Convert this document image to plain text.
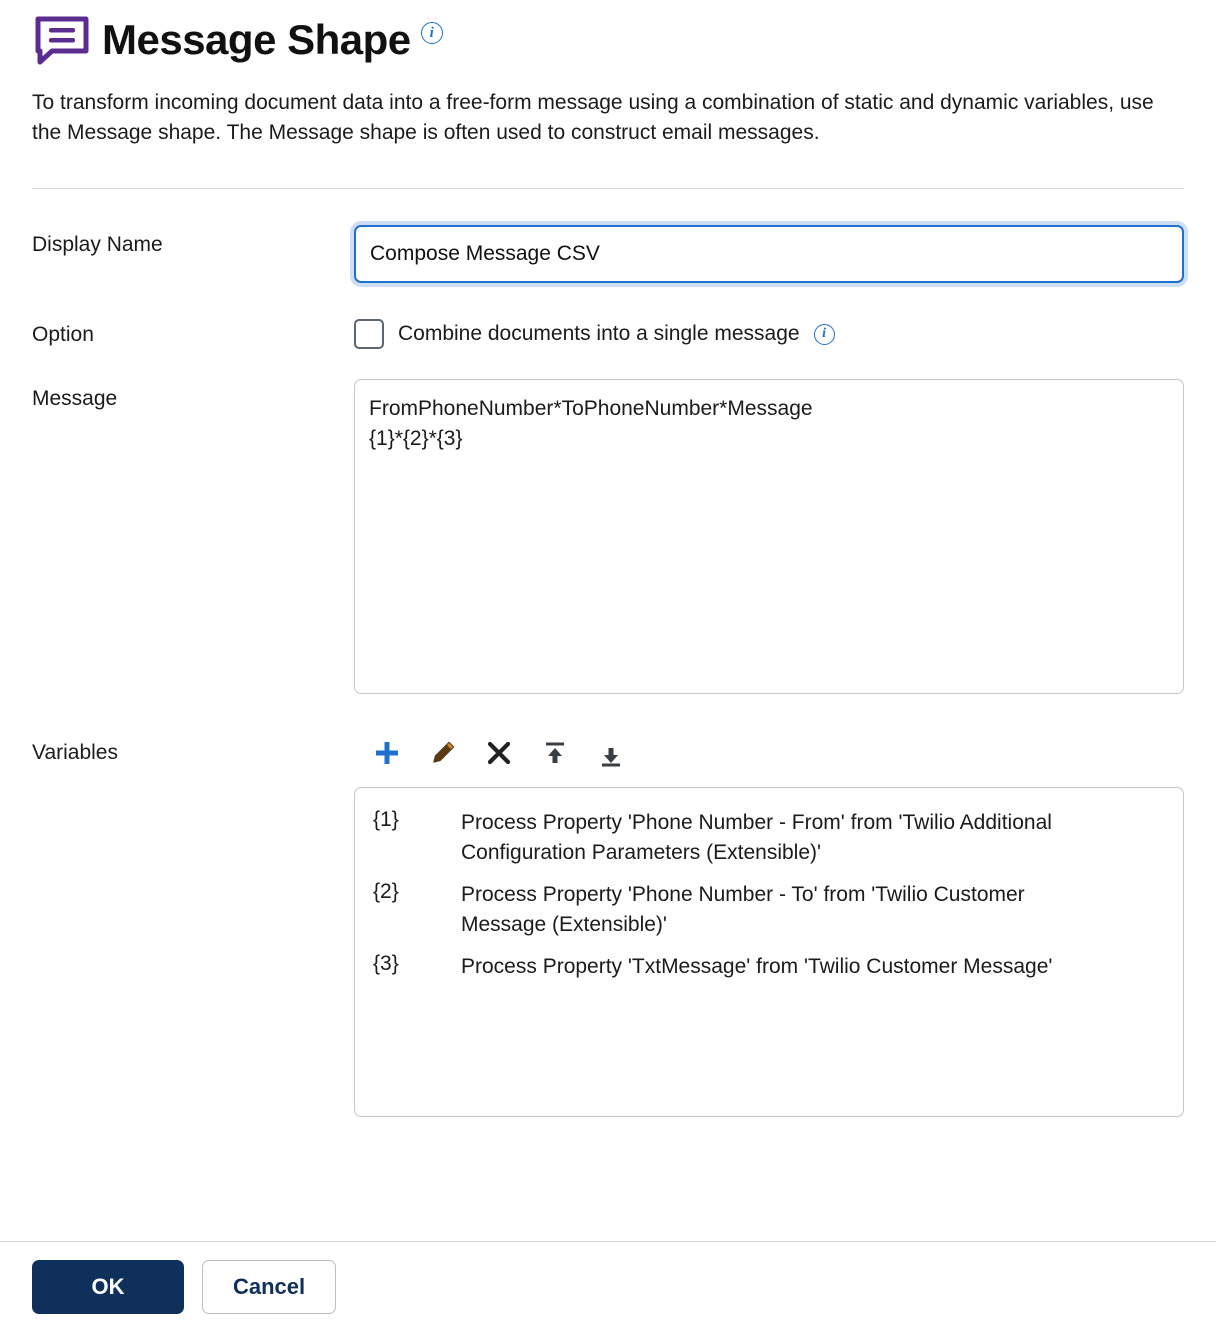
Message Shape	i

To transform incoming document data into a free-form message using a combination of static and dynamic variables, use the Message shape. The Message shape is often used to construct email messages.

Display Name
Compose Message CSV
Option	Combine documents into a single message	i
Message
FromPhoneNumber*ToPhoneNumber*Message {1}*{2}*{3}
Variables
{1}	Process Property 'Phone Number - From' from 'Twilio Additional Configuration Parameters (Extensible)'
{2}	Process Property 'Phone Number - To' from 'Twilio Customer Message (Extensible)'
{3}	Process Property 'TxtMessage' from 'Twilio Customer Message'
OK	Cancel
